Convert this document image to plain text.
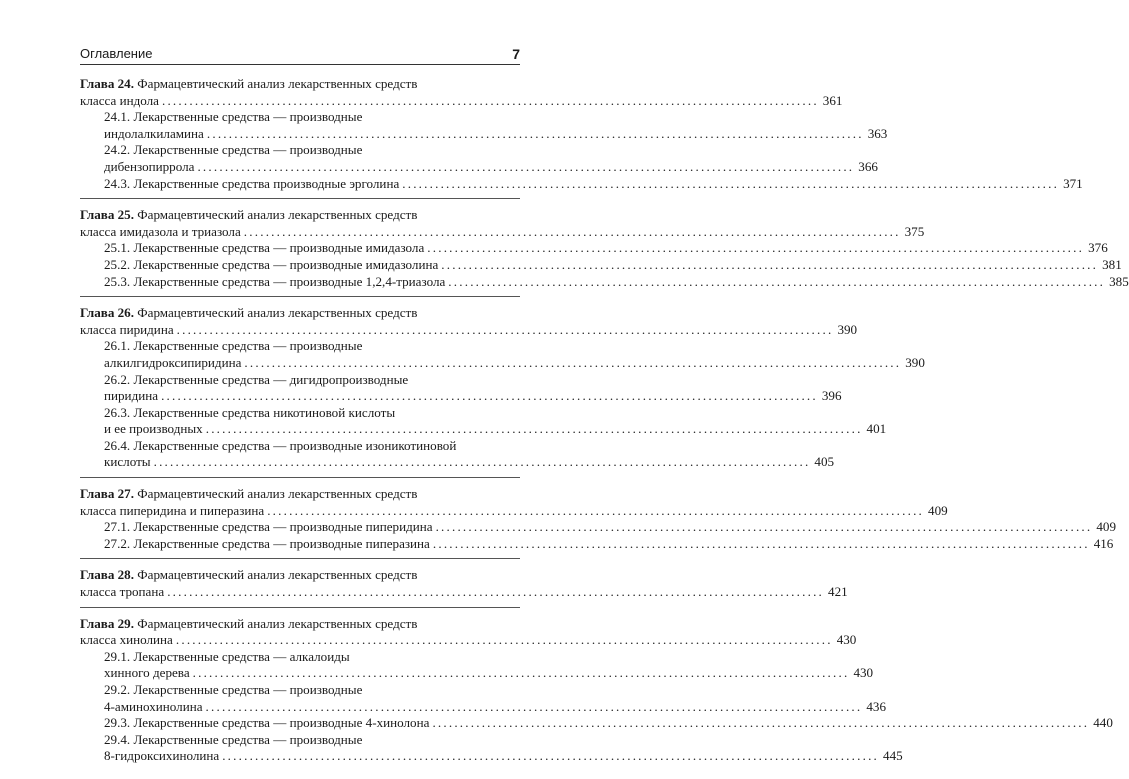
Оглавление	7
Глава 24. Фармацевтический анализ лекарственных средств
класса индола ........................................................................................................................ 361
24.1. Лекарственные средства — производные
индолалкиламина ........................................................................................................................ 363
24.2. Лекарственные средства — производные
дибензопиррола ........................................................................................................................ 366
24.3. Лекарственные средства производные эрголина ........................................................................................................................ 371
Глава 25. Фармацевтический анализ лекарственных средств
класса имидазола и триазола ........................................................................................................................ 375
25.1. Лекарственные средства — производные имидазола ........................................................................................................................ 376
25.2. Лекарственные средства — производные имидазолина ........................................................................................................................ 381
25.3. Лекарственные средства — производные 1,2,4-триазола ........................................................................................................................ 385
Глава 26. Фармацевтический анализ лекарственных средств
класса пиридина ........................................................................................................................ 390
26.1. Лекарственные средства — производные
алкилгидроксипиридина ........................................................................................................................ 390
26.2. Лекарственные средства — дигидропроизводные
пиридина ........................................................................................................................ 396
26.3. Лекарственные средства никотиновой кислоты
и ее производных ........................................................................................................................ 401
26.4. Лекарственные средства — производные изоникотиновой
кислоты ........................................................................................................................ 405
Глава 27. Фармацевтический анализ лекарственных средств
класса пиперидина и пиперазина ........................................................................................................................ 409
27.1. Лекарственные средства — производные пиперидина ........................................................................................................................ 409
27.2. Лекарственные средства — производные пиперазина ........................................................................................................................ 416
Глава 28. Фармацевтический анализ лекарственных средств
класса тропана ........................................................................................................................ 421
Глава 29. Фармацевтический анализ лекарственных средств
класса хинолина ........................................................................................................................ 430
29.1. Лекарственные средства — алкалоиды
хинного дерева ........................................................................................................................ 430
29.2. Лекарственные средства — производные
4-аминохинолина ........................................................................................................................ 436
29.3. Лекарственные средства — производные 4-хинолона ........................................................................................................................ 440
29.4. Лекарственные средства — производные
8-гидроксихинолина ........................................................................................................................ 445
